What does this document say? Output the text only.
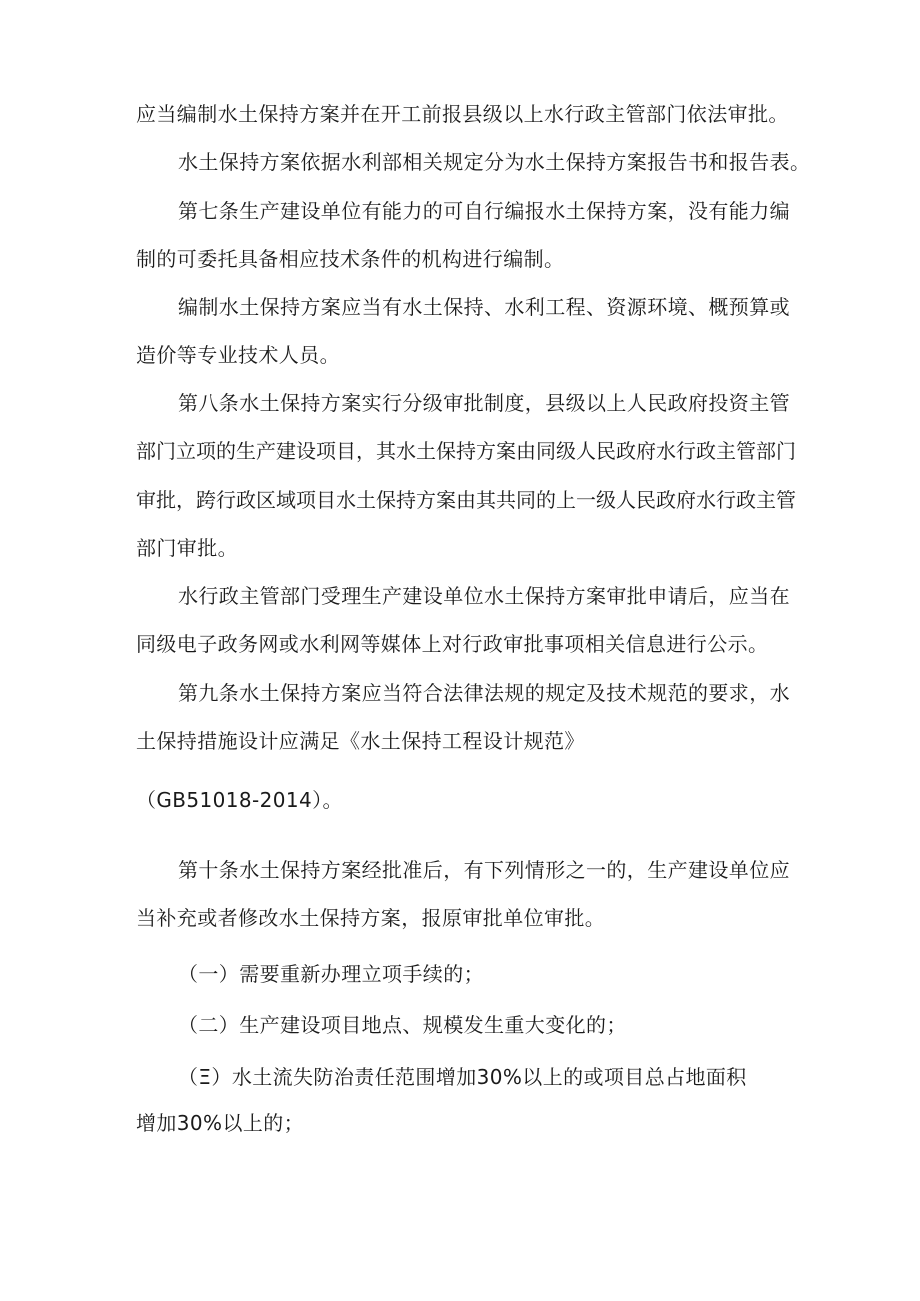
应当编制水土保持方案并在开工前报县级以上水行政主管部门依法审批。
水土保持方案依据水利部相关规定分为水土保持方案报告书和报告表。
第七条生产建设单位有能力的可自行编报水土保持方案，没有能力编
制的可委托具备相应技术条件的机构进行编制。
编制水土保持方案应当有水土保持、水利工程、资源环境、概预算或
造价等专业技术人员。
第八条水土保持方案实行分级审批制度，县级以上人民政府投资主管
部门立项的生产建设项目，其水土保持方案由同级人民政府水行政主管部门
审批，跨行政区域项目水土保持方案由其共同的上一级人民政府水行政主管
部门审批。
水行政主管部门受理生产建设单位水土保持方案审批申请后，应当在
同级电子政务网或水利网等媒体上对行政审批事项相关信息进行公示。
第九条水土保持方案应当符合法律法规的规定及技术规范的要求，水
土保持措施设计应满足《水土保持工程设计规范》
（GB51018-2014）。
第十条水土保持方案经批准后，有下列情形之一的，生产建设单位应
当补充或者修改水土保持方案，报原审批单位审批。
（一）需要重新办理立项手续的；
（二）生产建设项目地点、规模发生重大变化的；
（Ξ）水土流失防治责任范围增加30%以上的或项目总占地面积
增加30%以上的；
